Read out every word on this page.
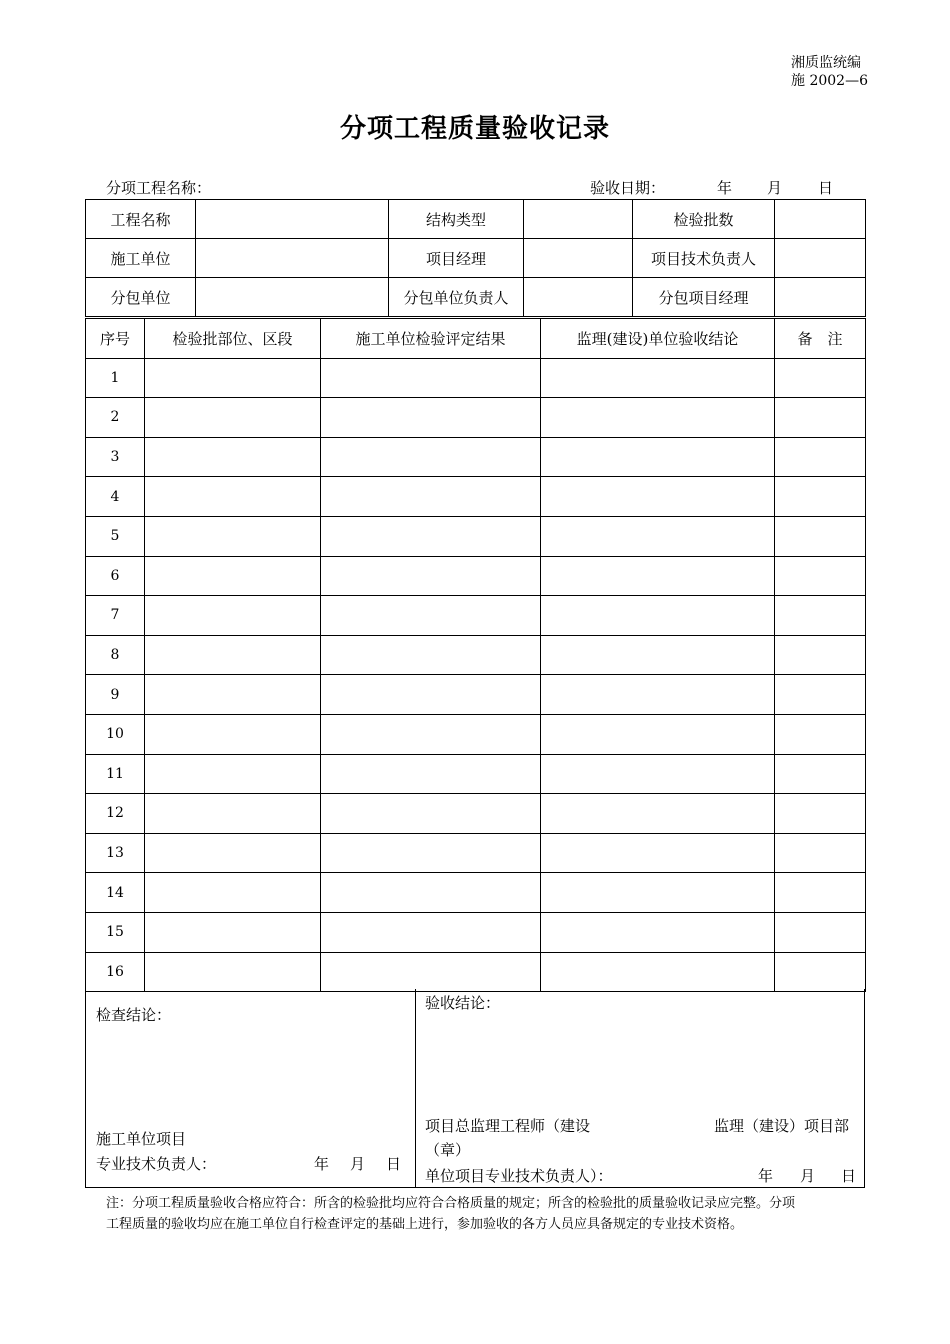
湘质监统编
施 2002—6
分项工程质量验收记录
分项工程名称：	验收日期：	年 月 日
工程名称		结构类型		检验批数	
施工单位		项目经理		项目技术负责人	
分包单位		分包单位负责人		分包项目经理	
序号	检验批部位、区段	施工单位检验评定结果	监理(建设)单位验收结论	备　注
1				
2				
3				
4				
5				
6				
7				
8				
9				
10				
11				
12				
13				
14				
15				
16				
检查结论：
验收结论：
施工单位项目
专业技术负责人：	年　月　日
项目总监理工程师（建设	监理（建设）项目部
（章）
单位项目专业技术负责人）：	年 月 日
注：分项工程质量验收合格应符合：所含的检验批均应符合合格质量的规定；所含的检验批的质量验收记录应完整。分项
工程质量的验收均应在施工单位自行检查评定的基础上进行，参加验收的各方人员应具备规定的专业技术资格。
